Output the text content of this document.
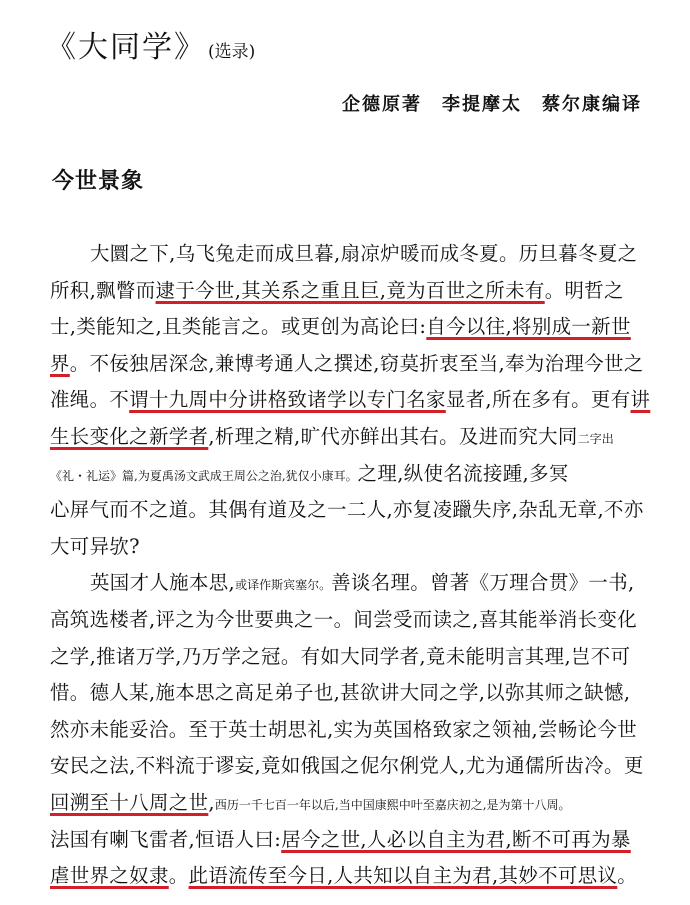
《大同学》 (选录)
企德原著　李提摩太　蔡尔康编译
今世景象
大圜之下,乌飞兔走而成旦暮,扇凉炉暖而成冬夏。历旦暮冬夏之
所积,飘瞥而逮于今世,其关系之重且巨,竟为百世之所未有。明哲之
士,类能知之,且类能言之。或更创为高论曰:自今以往,将别成一新世
界。不佞独居深念,兼博考通人之撰述,窃莫折衷至当,奉为治理今世之
准绳。不谓十九周中分讲格致诸学以专门名家显者,所在多有。更有讲
生长变化之新学者,析理之精,旷代亦鲜出其右。及进而究大同二字出
《礼・礼运》篇,为夏禹汤文武成王周公之治,犹仅小康耳。之理,纵使名流接踵,多冥
心屏气而不之道。其偶有道及之一二人,亦复凌躐失序,杂乱无章,不亦
大可异欤?
英国才人施本思,或译作斯宾塞尔。善谈名理。曾著《万理合贯》一书,
高筑选楼者,评之为今世要典之一。间尝受而读之,喜其能举消长变化
之学,推诸万学,乃万学之冠。有如大同学者,竟未能明言其理,岂不可
惜。德人某,施本思之高足弟子也,甚欲讲大同之学,以弥其师之缺憾,
然亦未能妥洽。至于英士胡思礼,实为英国格致家之领袖,尝畅论今世
安民之法,不料流于谬妄,竟如俄国之伲尔俐党人,尤为通儒所齿冷。更
回溯至十八周之世,西历一千七百一年以后,当中国康熙中叶至嘉庆初之,是为第十八周。
法国有喇飞雷者,恒语人曰:居今之世,人必以自主为君,断不可再为暴
虐世界之奴隶。此语流传至今日,人共知以自主为君,其妙不可思议。
